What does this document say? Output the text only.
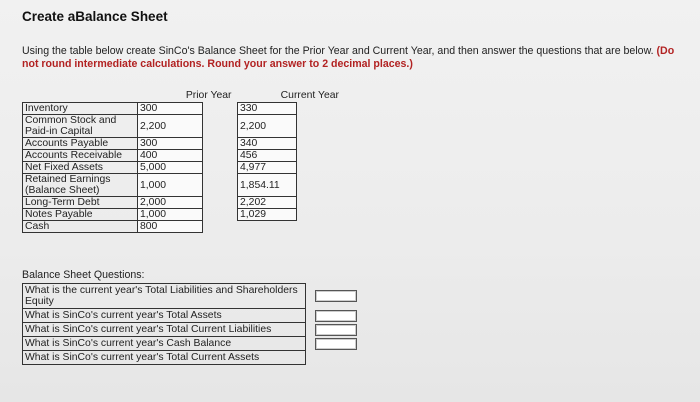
Create aBalance Sheet
Using the table below create SinCo's Balance Sheet for the Prior Year and Current Year, and then answer the questions that are below. (Do not round intermediate calculations. Round your answer to 2 decimal places.)
	Prior Year		Current Year	
Inventory	300		330	
Common Stock and Paid-in Capital	2,200		2,200	
Accounts Payable	300		340	
Accounts Receivable	400		456	
Net Fixed Assets	5,000		4,977	
Retained Earnings (Balance Sheet)	1,000		1,854.11	
Long-Term Debt	2,000		2,202	
Notes Payable	1,000		1,029	
Cash	800			
Balance Sheet Questions:
What is the current year's Total Liabilities and Shareholders Equity		

What is SinCo's current year's Total Assets		

What is SinCo's current year's Total Current Liabilities		

What is SinCo's current year's Cash Balance		

What is SinCo's current year's Total Current Assets		
